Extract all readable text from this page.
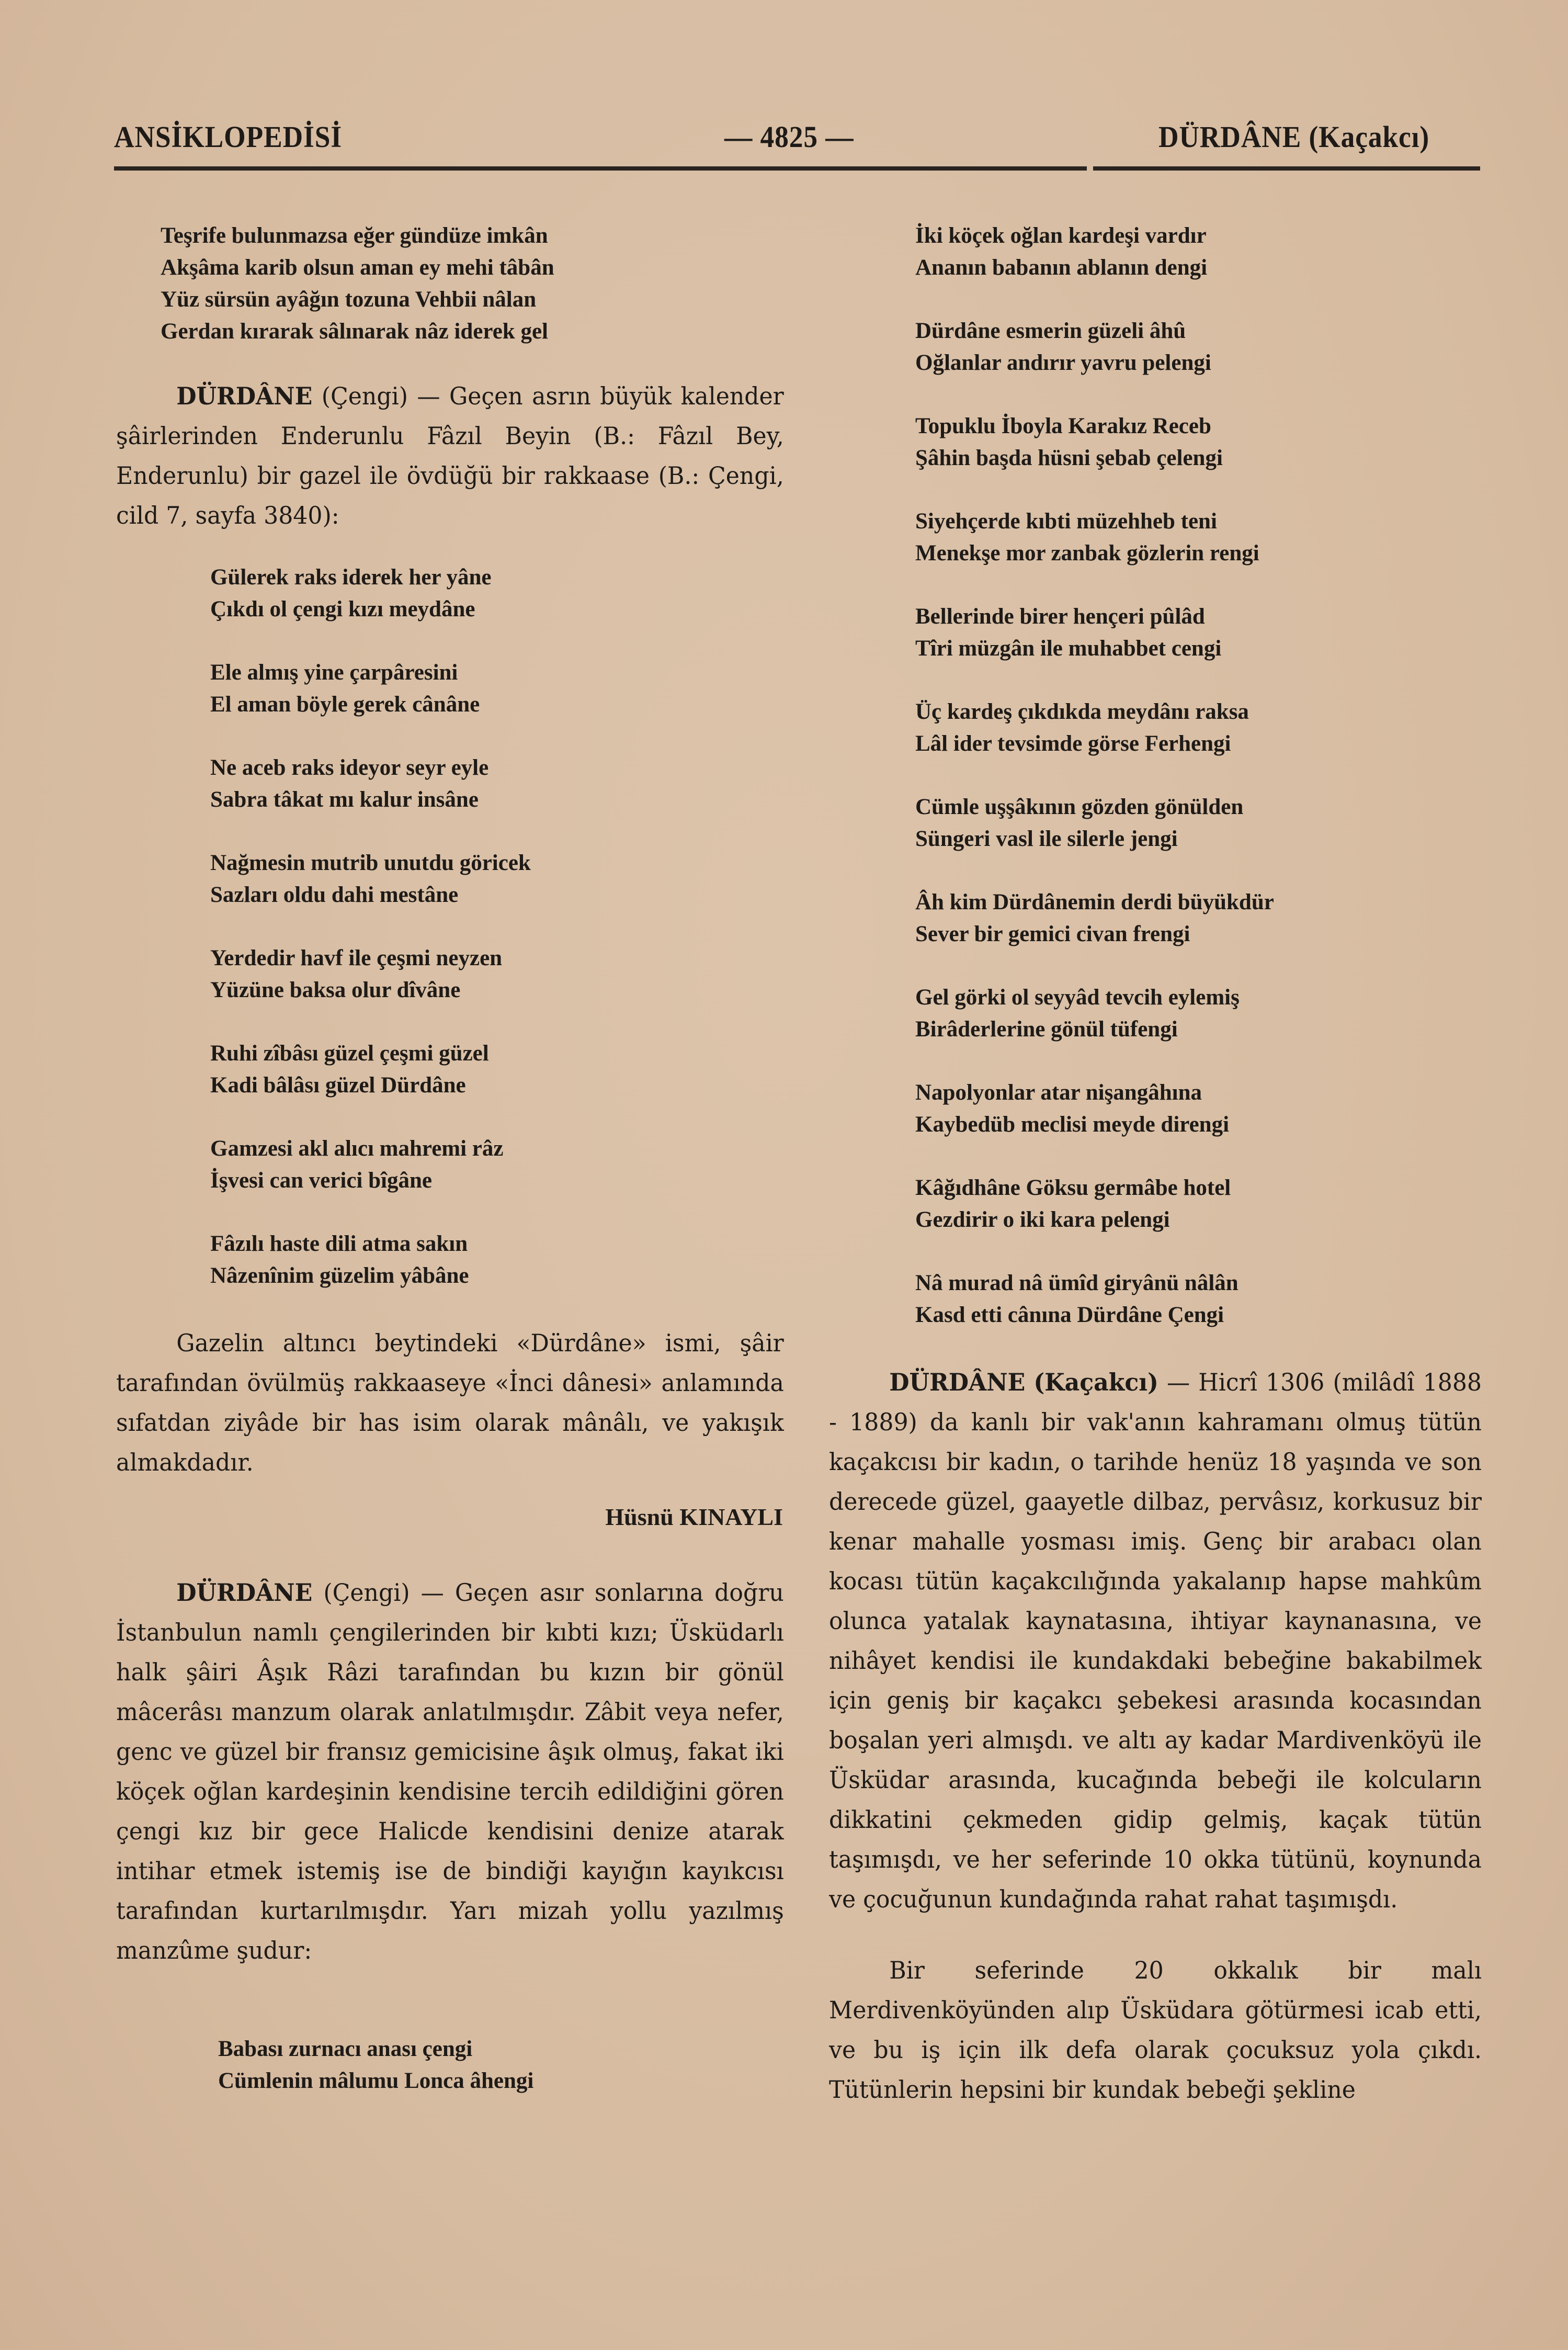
ANSİKLOPEDİSİ	— 4825 —	DÜRDÂNE (Kaçakcı)
Teşrife bulunmazsa eğer gündüze imkân
Akşâma karib olsun aman ey mehi tâbân
Yüz sürsün ayâğın tozuna Vehbii nâlan
Gerdan kırarak sâlınarak nâz iderek gel

DÜRDÂNE (Çengi) — Geçen asrın büyük kalender şâirlerinden Enderunlu Fâzıl Beyin (B.: Fâzıl Bey, Enderunlu) bir gazel ile övdüğü bir rakkaase (B.: Çengi, cild 7, sayfa 3840):

Gülerek raks iderek her yâne
Çıkdı ol çengi kızı meydâne
Ele almış yine çarpâresini
El aman böyle gerek cânâne
Ne aceb raks ideyor seyr eyle
Sabra tâkat mı kalur insâne
Nağmesin mutrib unutdu göricek
Sazları oldu dahi mestâne
Yerdedir havf ile çeşmi neyzen
Yüzüne baksa olur dîvâne
Ruhi zîbâsı güzel çeşmi güzel
Kadi bâlâsı güzel Dürdâne
Gamzesi akl alıcı mahremi râz
İşvesi can verici bîgâne
Fâzılı haste dili atma sakın
Nâzenînim güzelim yâbâne

Gazelin altıncı beytindeki «Dürdâne» ismi, şâir tarafından övülmüş rakkaaseye «İnci dânesi» anlamında sıfatdan ziyâde bir has isim olarak mânâlı, ve yakışık almakdadır.

Hüsnü KINAYLI

DÜRDÂNE (Çengi) — Geçen asır sonlarına doğru İstanbulun namlı çengilerinden bir kıbti kızı; Üsküdarlı halk şâiri Âşık Râzi tarafından bu kızın bir gönül mâcerâsı manzum olarak anlatılmışdır. Zâbit veya nefer, genc ve güzel bir fransız gemicisine âşık olmuş, fakat iki köçek oğlan kardeşinin kendisine tercih edildiğini gören çengi kız bir gece Halicde kendisini denize atarak intihar etmek istemiş ise de bindiği kayığın kayıkcısı tarafından kurtarılmışdır. Yarı mizah yollu yazılmış manzûme şudur:

Babası zurnacı anası çengi
Cümlenin mâlumu Lonca âhengi
İki köçek oğlan kardeşi vardır
Ananın babanın ablanın dengi
Dürdâne esmerin güzeli âhû
Oğlanlar andırır yavru pelengi
Topuklu İboyla Karakız Receb
Şâhin başda hüsni şebab çelengi
Siyehçerde kıbti müzehheb teni
Menekşe mor zanbak gözlerin rengi
Bellerinde birer hençeri pûlâd
Tîri müzgân ile muhabbet cengi
Üç kardeş çıkdıkda meydânı raksa
Lâl ider tevsimde görse Ferhengi
Cümle uşşâkının gözden gönülden
Süngeri vasl ile silerle jengi
Âh kim Dürdânemin derdi büyükdür
Sever bir gemici civan frengi
Gel görki ol seyyâd tevcih eylemiş
Birâderlerine gönül tüfengi
Napolyonlar atar nişangâhına
Kaybedüb meclisi meyde direngi
Kâğıdhâne Göksu germâbe hotel
Gezdirir o iki kara pelengi
Nâ murad nâ ümîd giryânü nâlân
Kasd etti cânına Dürdâne Çengi

DÜRDÂNE (Kaçakcı) — Hicrî 1306 (milâdî 1888 - 1889) da kanlı bir vak'anın kahramanı olmuş tütün kaçakcısı bir kadın, o tarihde henüz 18 yaşında ve son derecede güzel, gaayetle dilbaz, pervâsız, korkusuz bir kenar mahalle yosması imiş. Genç bir arabacı olan kocası tütün kaçakcılığında yakalanıp hapse mahkûm olunca yatalak kaynatasına, ihtiyar kaynanasına, ve nihâyet kendisi ile kundakdaki bebeğine bakabilmek için geniş bir kaçakcı şebekesi arasında kocasından boşalan yeri almışdı. ve altı ay kadar Mardivenköyü ile Üsküdar arasında, kucağında bebeği ile kolcuların dikkatini çekmeden gidip gelmiş, kaçak tütün taşımışdı, ve her seferinde 10 okka tütünü, koynunda ve çocuğunun kundağında rahat rahat taşımışdı.

Bir seferinde 20 okkalık bir malı Merdivenköyünden alıp Üsküdara götürmesi icab etti, ve bu iş için ilk defa olarak çocuksuz yola çıkdı. Tütünlerin hepsini bir kundak bebeği şekline
